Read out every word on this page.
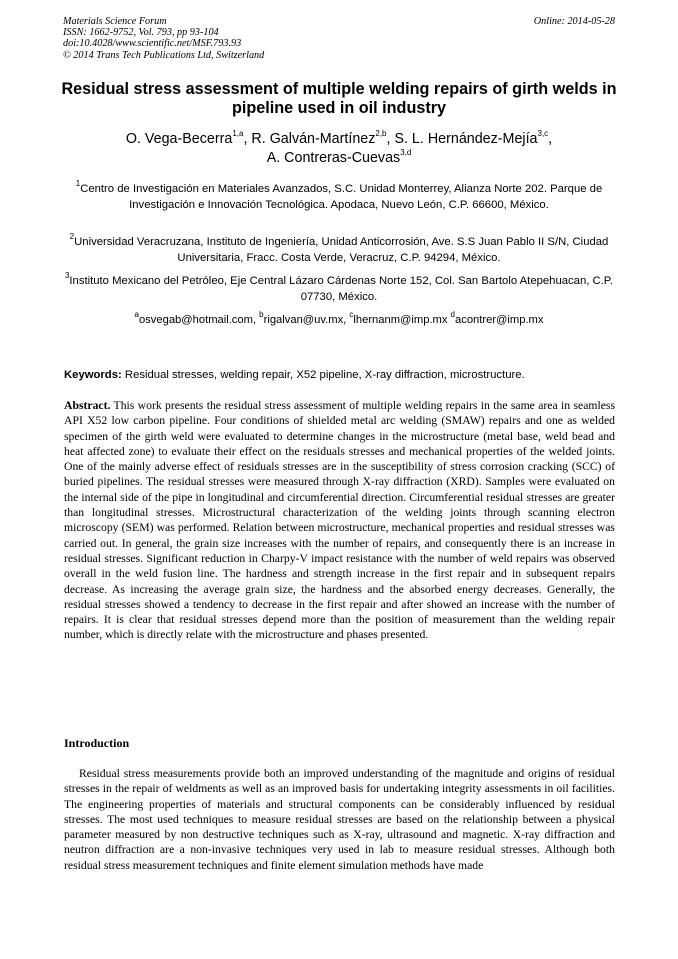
Materials Science Forum
ISSN: 1662-9752, Vol. 793, pp 93-104
doi:10.4028/www.scientific.net/MSF.793.93
© 2014 Trans Tech Publications Ltd, Switzerland
Online: 2014-05-28
Residual stress assessment of multiple welding repairs of girth welds in pipeline used in oil industry
O. Vega-Becerra$^{1,a}$, R. Galván-Martínez$^{2,b}$, S. L. Hernández-Mejía$^{3,c}$,
A. Contreras-Cuevas$^{3,d}$
$^1$Centro de Investigación en Materiales Avanzados, S.C. Unidad Monterrey, Alianza Norte 202. Parque de Investigación e Innovación Tecnológica. Apodaca, Nuevo León, C.P. 66600, México.
$^2$Universidad Veracruzana, Instituto de Ingeniería, Unidad Anticorrosión, Ave. S.S Juan Pablo II S/N, Ciudad Universitaria, Fracc. Costa Verde, Veracruz, C.P. 94294, México.
$^3$Instituto Mexicano del Petróleo, Eje Central Lázaro Cárdenas Norte 152, Col. San Bartolo Atepehuacan, C.P. 07730, México.
$^a$osvegab@hotmail.com, $^b$rigalvan@uv.mx, $^c$lhernanm@imp.mx $^d$acontrer@imp.mx
Keywords: Residual stresses, welding repair, X52 pipeline, X-ray diffraction, microstructure.
Abstract. This work presents the residual stress assessment of multiple welding repairs in the same area in seamless API X52 low carbon pipeline. Four conditions of shielded metal arc welding (SMAW) repairs and one as welded specimen of the girth weld were evaluated to determine changes in the microstructure (metal base, weld bead and heat affected zone) to evaluate their effect on the residuals stresses and mechanical properties of the welded joints. One of the mainly adverse effect of residuals stresses are in the susceptibility of stress corrosion cracking (SCC) of buried pipelines. The residual stresses were measured through X-ray diffraction (XRD). Samples were evaluated on the internal side of the pipe in longitudinal and circumferential direction. Circumferential residual stresses are greater than longitudinal stresses. Microstructural characterization of the welding joints through scanning electron microscopy (SEM) was performed. Relation between microstructure, mechanical properties and residual stresses was carried out. In general, the grain size increases with the number of repairs, and consequently there is an increase in residual stresses. Significant reduction in Charpy-V impact resistance with the number of weld repairs was observed overall in the weld fusion line. The hardness and strength increase in the first repair and in subsequent repairs decrease. As increasing the average grain size, the hardness and the absorbed energy decreases. Generally, the residual stresses showed a tendency to decrease in the first repair and after showed an increase with the number of repairs. It is clear that residual stresses depend more than the position of measurement than the welding repair number, which is directly relate with the microstructure and phases presented.
Introduction
Residual stress measurements provide both an improved understanding of the magnitude and origins of residual stresses in the repair of weldments as well as an improved basis for undertaking integrity assessments in oil facilities. The engineering properties of materials and structural components can be considerably influenced by residual stresses. The most used techniques to measure residual stresses are based on the relationship between a physical parameter measured by non destructive techniques such as X-ray, ultrasound and magnetic. X-ray diffraction and neutron diffraction are a non-invasive techniques very used in lab to measure residual stresses. Although both residual stress measurement techniques and finite element simulation methods have made
